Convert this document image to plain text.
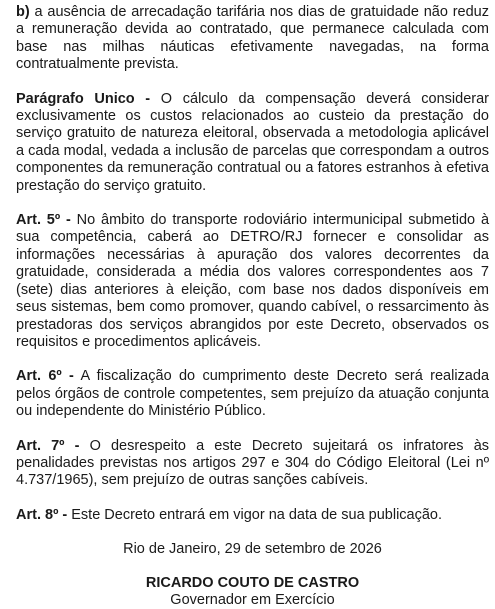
b) a ausência de arrecadação tarifária nos dias de gratuidade não reduz a remuneração devida ao contratado, que permanece calculada com base nas milhas náuticas efetivamente navegadas, na forma contratualmente prevista.

Parágrafo Unico - O cálculo da compensação deverá considerar exclusivamente os custos relacionados ao custeio da prestação do serviço gratuito de natureza eleitoral, observada a metodologia aplicável a cada modal, vedada a inclusão de parcelas que correspondam a outros componentes da remuneração contratual ou a fatores estranhos à efetiva prestação do serviço gratuito.

Art. 5º - No âmbito do transporte rodoviário intermunicipal submetido à sua competência, caberá ao DETRO/RJ fornecer e consolidar as informações necessárias à apuração dos valores decorrentes da gratuidade, considerada a média dos valores correspondentes aos 7 (sete) dias anteriores à eleição, com base nos dados disponíveis em seus sistemas, bem como promover, quando cabível, o ressarcimento às prestadoras dos serviços abrangidos por este Decreto, observados os requisitos e procedimentos aplicáveis.

Art. 6º - A fiscalização do cumprimento deste Decreto será realizada pelos órgãos de controle competentes, sem prejuízo da atuação conjunta ou independente do Ministério Público.

Art. 7º - O desrespeito a este Decreto sujeitará os infratores às penalidades previstas nos artigos 297 e 304 do Código Eleitoral (Lei nº 4.737/1965), sem prejuízo de outras sanções cabíveis.

Art. 8º - Este Decreto entrará em vigor na data de sua publicação.

Rio de Janeiro, 29 de setembro de 2026

RICARDO COUTO DE CASTRO

Governador em Exercício
